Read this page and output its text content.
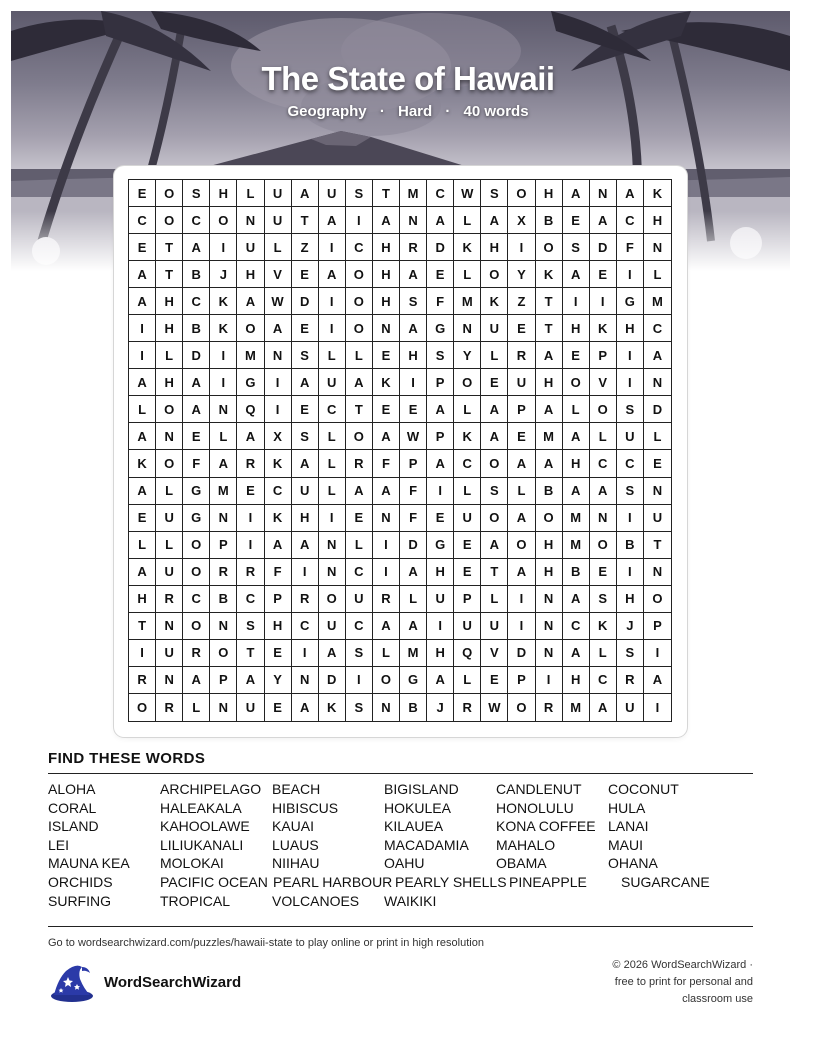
The State of Hawaii
Geography · Hard · 40 words
E	O	S	H	L	U	A	U	S	T	M	C	W	S	O	H	A	N	A	K
C	O	C	O	N	U	T	A	I	A	N	A	L	A	X	B	E	A	C	H
E	T	A	I	U	L	Z	I	C	H	R	D	K	H	I	O	S	D	F	N
A	T	B	J	H	V	E	A	O	H	A	E	L	O	Y	K	A	E	I	L
A	H	C	K	A	W	D	I	O	H	S	F	M	K	Z	T	I	I	G	M
I	H	B	K	O	A	E	I	O	N	A	G	N	U	E	T	H	K	H	C
I	L	D	I	M	N	S	L	L	E	H	S	Y	L	R	A	E	P	I	A
A	H	A	I	G	I	A	U	A	K	I	P	O	E	U	H	O	V	I	N
L	O	A	N	Q	I	E	C	T	E	E	A	L	A	P	A	L	O	S	D
A	N	E	L	A	X	S	L	O	A	W	P	K	A	E	M	A	L	U	L
K	O	F	A	R	K	A	L	R	F	P	A	C	O	A	A	H	C	C	E
A	L	G	M	E	C	U	L	A	A	F	I	L	S	L	B	A	A	S	N
E	U	G	N	I	K	H	I	E	N	F	E	U	O	A	O	M	N	I	U
L	L	O	P	I	A	A	N	L	I	D	G	E	A	O	H	M	O	B	T
A	U	O	R	R	F	I	N	C	I	A	H	E	T	A	H	B	E	I	N
H	R	C	B	C	P	R	O	U	R	L	U	P	L	I	N	A	S	H	O
T	N	O	N	S	H	C	U	C	A	A	I	U	U	I	N	C	K	J	P
I	U	R	O	T	E	I	A	S	L	M	H	Q	V	D	N	A	L	S	I
R	N	A	P	A	Y	N	D	I	O	G	A	L	E	P	I	H	C	R	A
O	R	L	N	U	E	A	K	S	N	B	J	R	W	O	R	M	A	U	I
FIND THESE WORDS
ALOHA	ARCHIPELAGO BEACH	BIGISLAND	CANDLENUT COCONUT
CORAL	HALEAKALA HIBISCUS	HOKULEA	HONOLULU HULA
ISLAND	KAHOOLAWE KAUAI	KILAUEA	KONA COFFEE LANAI
LEI	LILIUKANALI LUAUS	MACADAMIA MAHALO	MAUI
MAUNA KEA MOLOKAI	NIIHAU	OAHU	OBAMA	OHANA
ORCHIDS	PACIFIC OCEAN PEARL HARBOUR PEARLY SHELLS PINEAPPLE SUGARCANE
SURFING	TROPICAL	VOLCANOES WAIKIKI
Go to wordsearchwizard.com/puzzles/hawaii-state to play online or print in high resolution
WordSearchWizard
© 2026 WordSearchWizard ·
free to print for personal and
classroom use
